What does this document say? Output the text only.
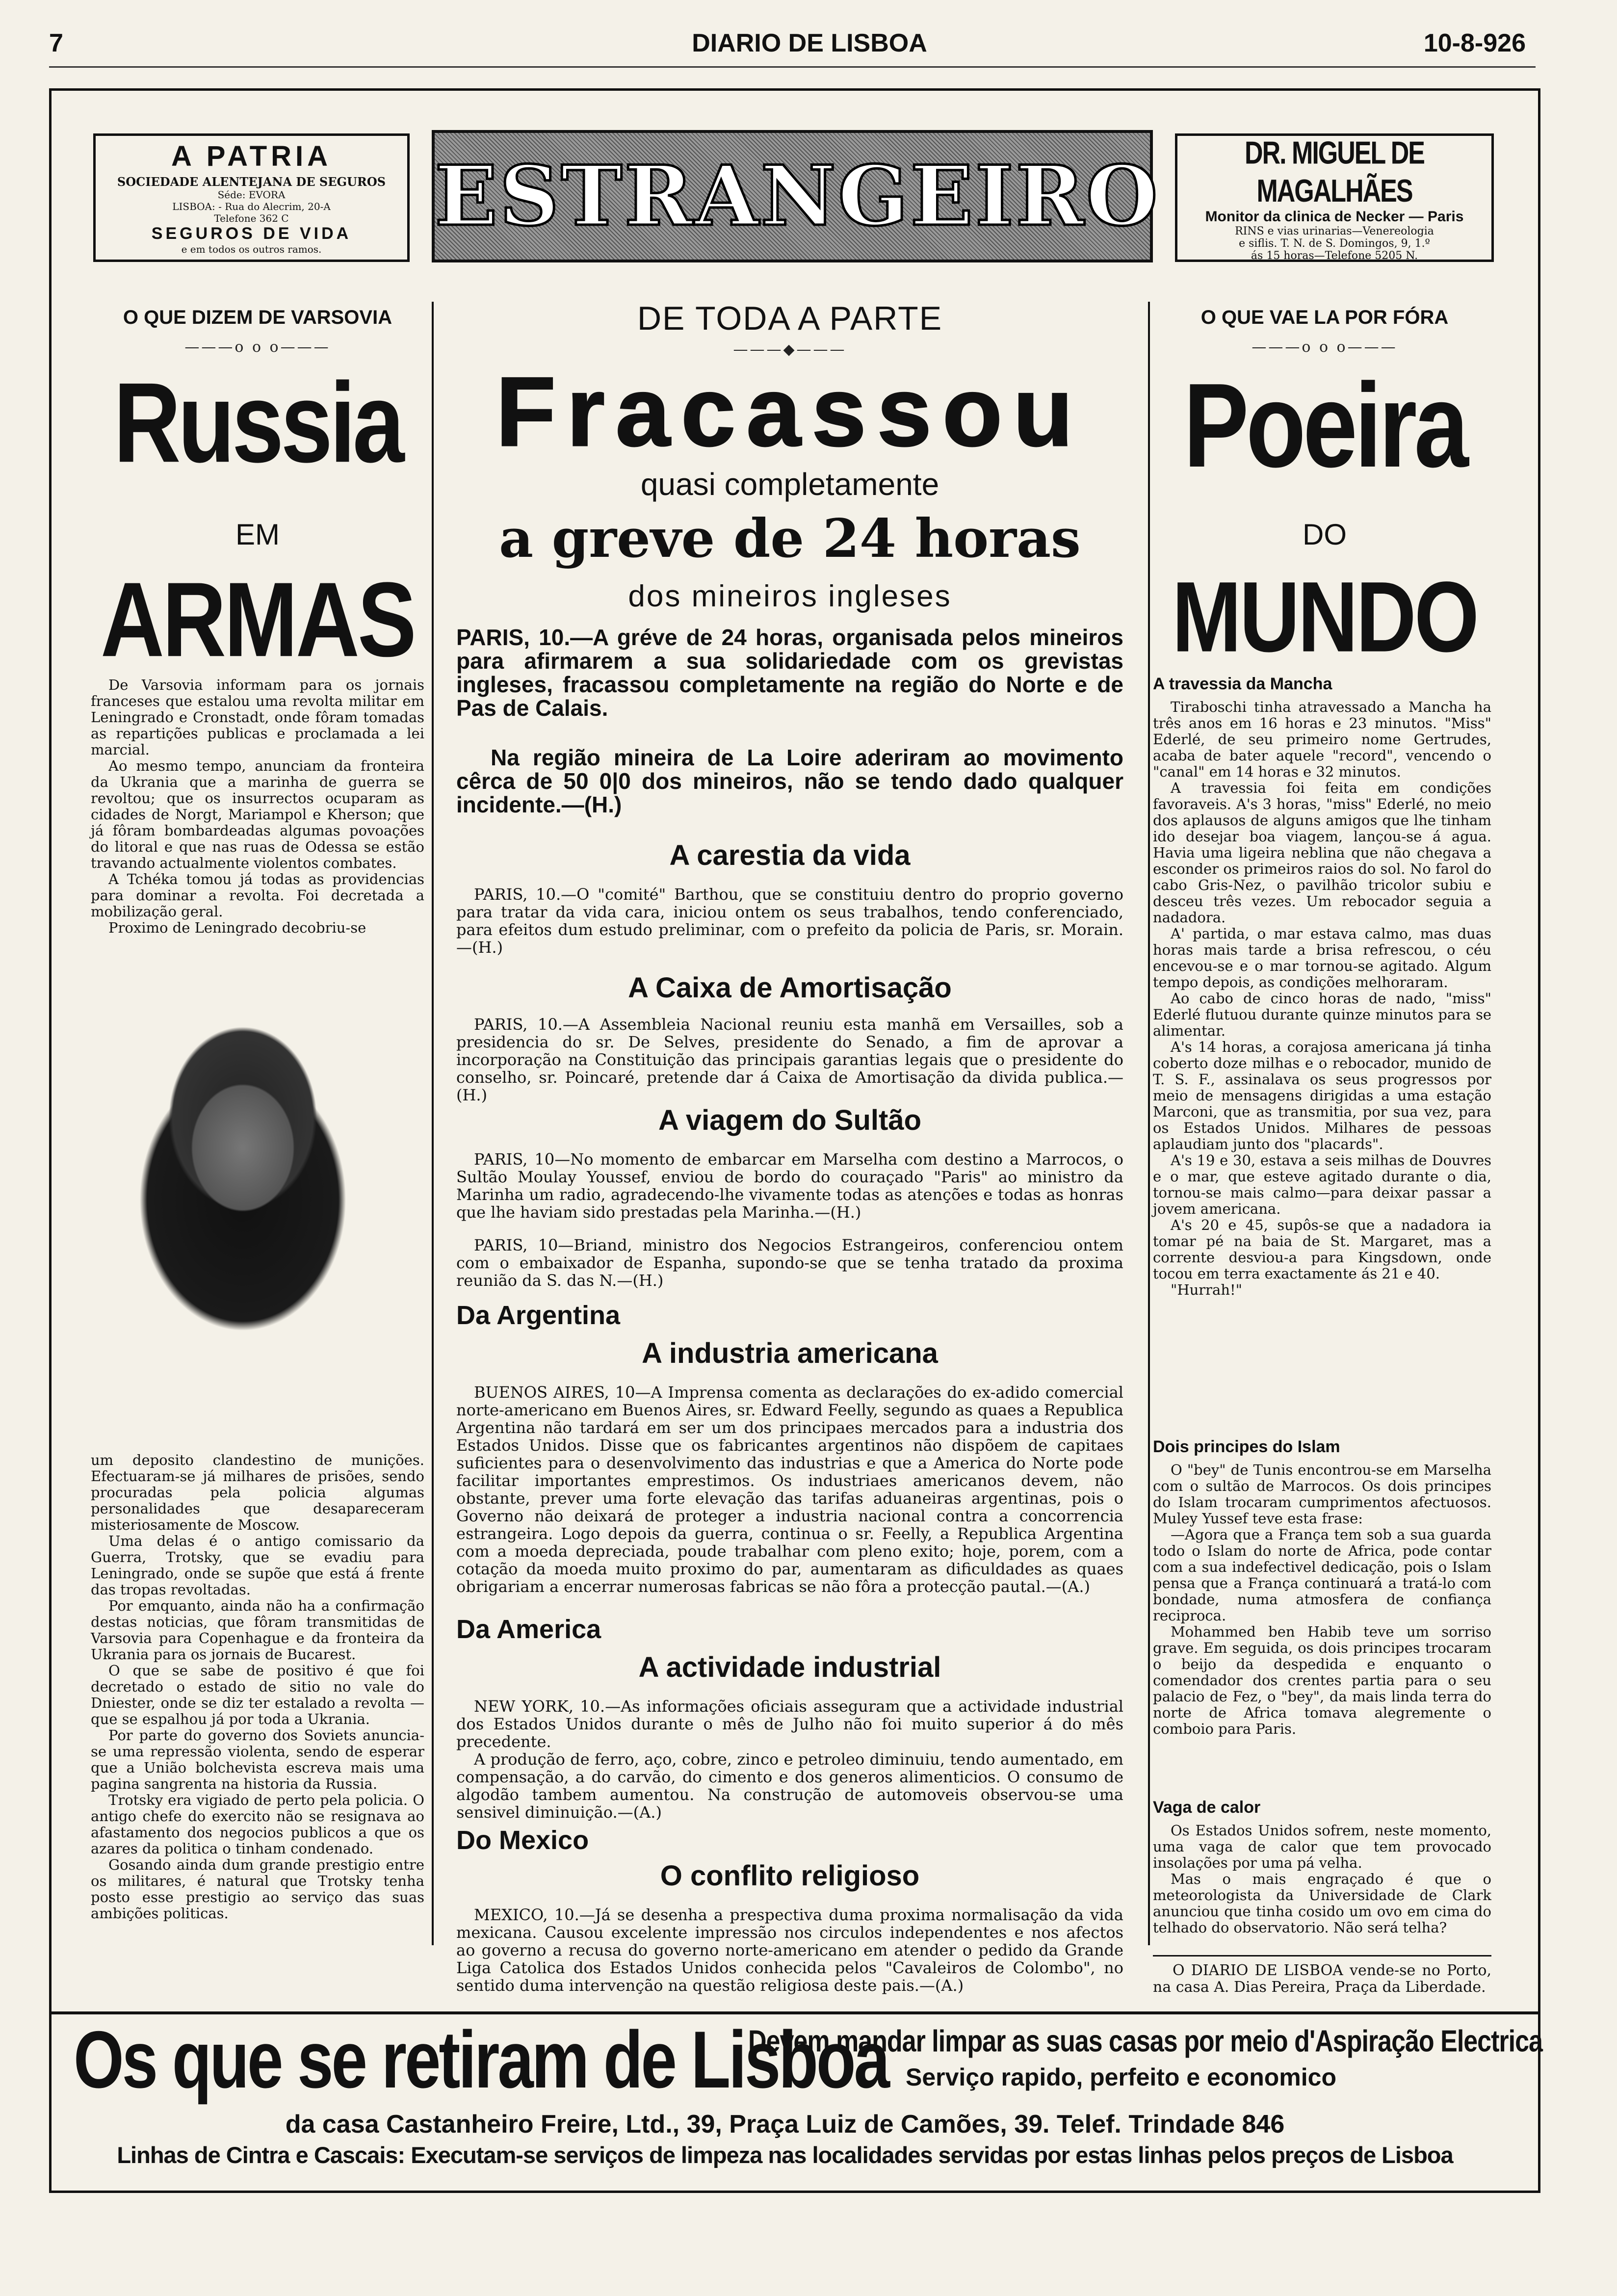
7	DIARIO DE LISBOA	10-8-926
A PATRIA
SOCIEDADE ALENTEJANA DE SEGUROS
Séde: EVORA
LISBOA: - Rua do Alecrim, 20-A
Telefone 362 C
SEGUROS DE VIDA
e em todos os outros ramos.
ESTRANGEIRO	DR. MIGUEL DE MAGALHÃES
Monitor da clinica de Necker — Paris
RINS e vias urinarias—Venereologia
e siflis. T. N. de S. Domingos, 9, 1.º
ás 15 horas—Telefone 5205 N.
O QUE DIZEM DE VARSOVIA
———o o o———
Russia
EM
ARMAS

De Varsovia informam para os jornais franceses que estalou uma revolta militar em Leningrado e Cronstadt, onde fôram tomadas as repartições publicas e proclamada a lei marcial.

Ao mesmo tempo, anunciam da fronteira da Ukrania que a marinha de guerra se revoltou; que os insurrectos ocuparam as cidades de Norgt, Mariampol e Kherson; que já fôram bombardeadas algumas povoações do litoral e que nas ruas de Odessa se estão travando actualmente violentos combates.

A Tchéka tomou já todas as providencias para dominar a revolta. Foi decretada a mobilização geral.

Proximo de Leningrado decobriu-se

um deposito clandestino de munições. Efectuaram-se já milhares de prisões, sendo procuradas pela policia algumas personalidades que desapareceram misteriosamente de Moscow.

Uma delas é o antigo comissario da Guerra, Trotsky, que se evadiu para Leningrado, onde se supõe que está á frente das tropas revoltadas.

Por emquanto, ainda não ha a confirmação destas noticias, que fôram transmitidas de Varsovia para Copenhague e da fronteira da Ukrania para os jornais de Bucarest.

O que se sabe de positivo é que foi decretado o estado de sitio no vale do Dniester, onde se diz ter estalado a revolta — que se espalhou já por toda a Ukrania.

Por parte do governo dos Soviets anuncia-se uma repressão violenta, sendo de esperar que a União bolchevista escreva mais uma pagina sangrenta na historia da Russia.

Trotsky era vigiado de perto pela policia. O antigo chefe do exercito não se resignava ao afastamento dos negocios publicos a que os azares da politica o tinham condenado.

Gosando ainda dum grande prestigio entre os militares, é natural que Trotsky tenha posto esse prestigio ao serviço das suas ambições politicas.

DE TODA A PARTE
———◆———
Fracassou
quasi completamente
a greve de 24 horas
dos mineiros ingleses
PARIS, 10.—A gréve de 24 horas, organisada pelos mineiros para afirmarem a sua solidariedade com os grevistas ingleses, fracassou completamente na região do Norte e de Pas de Calais.
Na região mineira de La Loire aderiram ao movimento cêrca de 50 0|0 dos mineiros, não se tendo dado qualquer incidente.—(H.)
A carestia da vida

PARIS, 10.—O "comité" Barthou, que se constituiu dentro do proprio governo para tratar da vida cara, iniciou ontem os seus trabalhos, tendo conferenciado, para efeitos dum estudo preliminar, com o prefeito da policia de Paris, sr. Morain.—(H.)

A Caixa de Amortisação

PARIS, 10.—A Assembleia Nacional reuniu esta manhã em Versailles, sob a presidencia do sr. De Selves, presidente do Senado, a fim de aprovar a incorporação na Constituição das principais garantias legais que o presidente do conselho, sr. Poincaré, pretende dar á Caixa de Amortisação da divida publica.—(H.)

A viagem do Sultão

PARIS, 10—No momento de embarcar em Marselha com destino a Marrocos, o Sultão Moulay Youssef, enviou de bordo do couraçado "Paris" ao ministro da Marinha um radio, agradecendo-lhe vivamente todas as atenções e todas as honras que lhe haviam sido prestadas pela Marinha.—(H.)

PARIS, 10—Briand, ministro dos Negocios Estrangeiros, conferenciou ontem com o embaixador de Espanha, supondo-se que se tenha tratado da proxima reunião da S. das N.—(H.)

Da Argentina
A industria americana

BUENOS AIRES, 10—A Imprensa comenta as declarações do ex-adido comercial norte-americano em Buenos Aires, sr. Edward Feelly, segundo as quaes a Republica Argentina não tardará em ser um dos principaes mercados para a industria dos Estados Unidos. Disse que os fabricantes argentinos não dispõem de capitaes suficientes para o desenvolvimento das industrias e que a America do Norte pode facilitar importantes emprestimos. Os industriaes americanos devem, não obstante, prever uma forte elevação das tarifas aduaneiras argentinas, pois o Governo não deixará de proteger a industria nacional contra a concorrencia estrangeira. Logo depois da guerra, continua o sr. Feelly, a Republica Argentina com a moeda depreciada, poude trabalhar com pleno exito; hoje, porem, com a cotação da moeda muito proximo do par, aumentaram as dificuldades as quaes obrigariam a encerrar numerosas fabricas se não fôra a protecção pautal.—(A.)

Da America
A actividade industrial

NEW YORK, 10.—As informações oficiais asseguram que a actividade industrial dos Estados Unidos durante o mês de Julho não foi muito superior á do mês precedente.

A produção de ferro, aço, cobre, zinco e petroleo diminuiu, tendo aumentado, em compensação, a do carvão, do cimento e dos generos alimenticios. O consumo de algodão tambem aumentou. Na construção de automoveis observou-se uma sensivel diminuição.—(A.)

Do Mexico
O conflito religioso

MEXICO, 10.—Já se desenha a prespectiva duma proxima normalisação da vida mexicana. Causou excelente impressão nos circulos independentes e nos afectos ao governo a recusa do governo norte-americano em atender o pedido da Grande Liga Catolica dos Estados Unidos conhecida pelos "Cavaleiros de Colombo", no sentido duma intervenção na questão religiosa deste pais.—(A.)

O QUE VAE LA POR FÓRA
———o o o———
Poeira
DO
MUNDO
A travessia da Mancha

Tiraboschi tinha atravessado a Mancha ha três anos em 16 horas e 23 minutos. "Miss" Ederlé, de seu primeiro nome Gertrudes, acaba de bater aquele "record", vencendo o "canal" em 14 horas e 32 minutos.

A travessia foi feita em condições favoraveis. A's 3 horas, "miss" Ederlé, no meio dos aplausos de alguns amigos que lhe tinham ido desejar boa viagem, lançou-se á agua. Havia uma ligeira neblina que não chegava a esconder os primeiros raios do sol. No farol do cabo Gris-Nez, o pavilhão tricolor subiu e desceu três vezes. Um rebocador seguia a nadadora.

A' partida, o mar estava calmo, mas duas horas mais tarde a brisa refrescou, o céu encevou-se e o mar tornou-se agitado. Algum tempo depois, as condições melhoraram.

Ao cabo de cinco horas de nado, "miss" Ederlé flutuou durante quinze minutos para se alimentar.

A's 14 horas, a corajosa americana já tinha coberto doze milhas e o rebocador, munido de T. S. F., assinalava os seus progressos por meio de mensagens dirigidas a uma estação Marconi, que as transmitia, por sua vez, para os Estados Unidos. Milhares de pessoas aplaudiam junto dos "placards".

A's 19 e 30, estava a seis milhas de Douvres e o mar, que esteve agitado durante o dia, tornou-se mais calmo—para deixar passar a jovem americana.

A's 20 e 45, supôs-se que a nadadora ia tomar pé na baia de St. Margaret, mas a corrente desviou-a para Kingsdown, onde tocou em terra exactamente ás 21 e 40.

"Hurrah!"

Dois principes do Islam

O "bey" de Tunis encontrou-se em Marselha com o sultão de Marrocos. Os dois principes do Islam trocaram cumprimentos afectuosos. Muley Yussef teve esta frase:

—Agora que a França tem sob a sua guarda todo o Islam do norte de Africa, pode contar com a sua indefectivel dedicação, pois o Islam pensa que a França continuará a tratá-lo com bondade, numa atmosfera de confiança reciproca.

Mohammed ben Habib teve um sorriso grave. Em seguida, os dois principes trocaram o beijo da despedida e enquanto o comendador dos crentes partia para o seu palacio de Fez, o "bey", da mais linda terra do norte de Africa tomava alegremente o comboio para Paris.

Vaga de calor

Os Estados Unidos sofrem, neste momento, uma vaga de calor que tem provocado insolações por uma pá velha.

Mas o mais engraçado é que o meteorologista da Universidade de Clark anunciou que tinha cosido um ovo em cima do telhado do observatorio. Não será telha?

O DIARIO DE LISBOA vende-se no Porto, na casa A. Dias Pereira, Praça da Liberdade.
Os que se retiram de Lisboa
Devem mandar limpar as suas casas por meio d'Aspiração Electrica
Serviço rapido, perfeito e economico
da casa Castanheiro Freire, Ltd., 39, Praça Luiz de Camões, 39. Telef. Trindade 846
Linhas de Cintra e Cascais: Executam-se serviços de limpeza nas localidades servidas por estas linhas pelos preços de Lisboa
